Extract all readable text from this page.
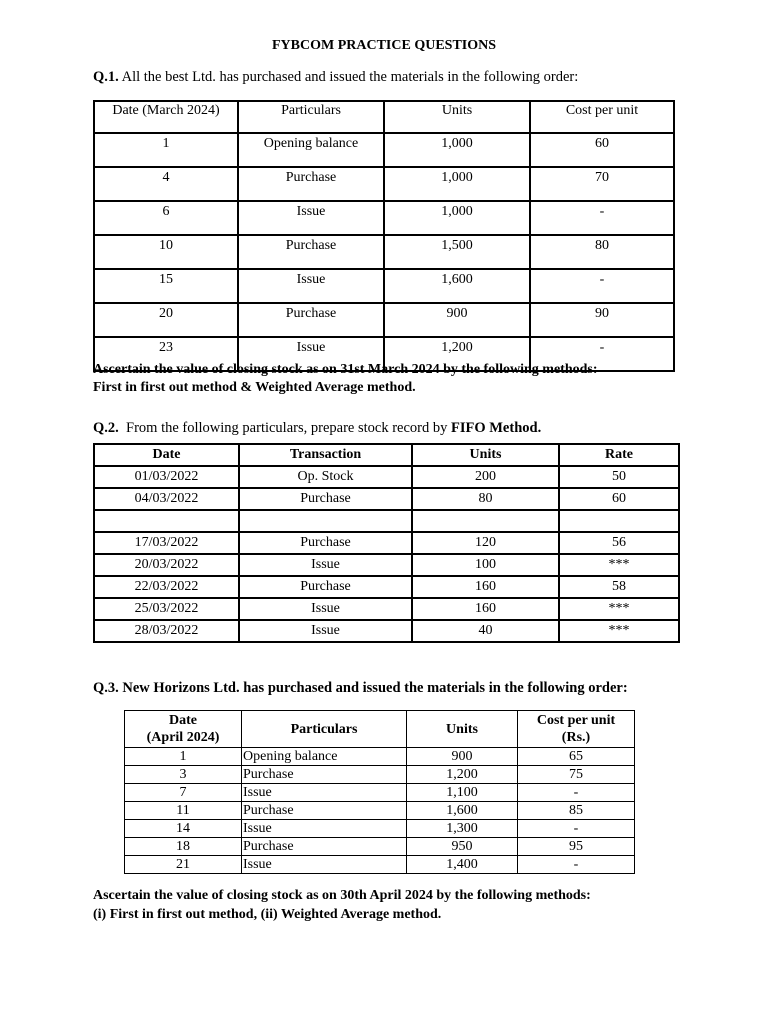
FYBCOM PRACTICE QUESTIONS
Q.1. All the best Ltd. has purchased and issued the materials in the following order:
Date (March 2024)	Particulars	Units	Cost per unit
1	Opening balance	1,000	60
4	Purchase	1,000	70
6	Issue	1,000	-
10	Purchase	1,500	80
15	Issue	1,600	-
20	Purchase	900	90
23	Issue	1,200	-
Ascertain the value of closing stock as on 31st March 2024 by the following methods:
First in first out method & Weighted Average method.
Q.2.  From the following particulars, prepare stock record by FIFO Method.
Date	Transaction	Units	Rate
01/03/2022	Op. Stock	200	50
04/03/2022	Purchase	80	60

17/03/2022	Purchase	120	56
20/03/2022	Issue	100	***
22/03/2022	Purchase	160	58
25/03/2022	Issue	160	***
28/03/2022	Issue	40	***
Q.3. New Horizons Ltd. has purchased and issued the materials in the following order:
Date
(April 2024)	Particulars	Units	Cost per unit
(Rs.)
1	Opening balance	900	65
3	Purchase	1,200	75
7	Issue	1,100	-
11	Purchase	1,600	85
14	Issue	1,300	-
18	Purchase	950	95
21	Issue	1,400	-
Ascertain the value of closing stock as on 30th April 2024 by the following methods:
(i) First in first out method, (ii) Weighted Average method.
